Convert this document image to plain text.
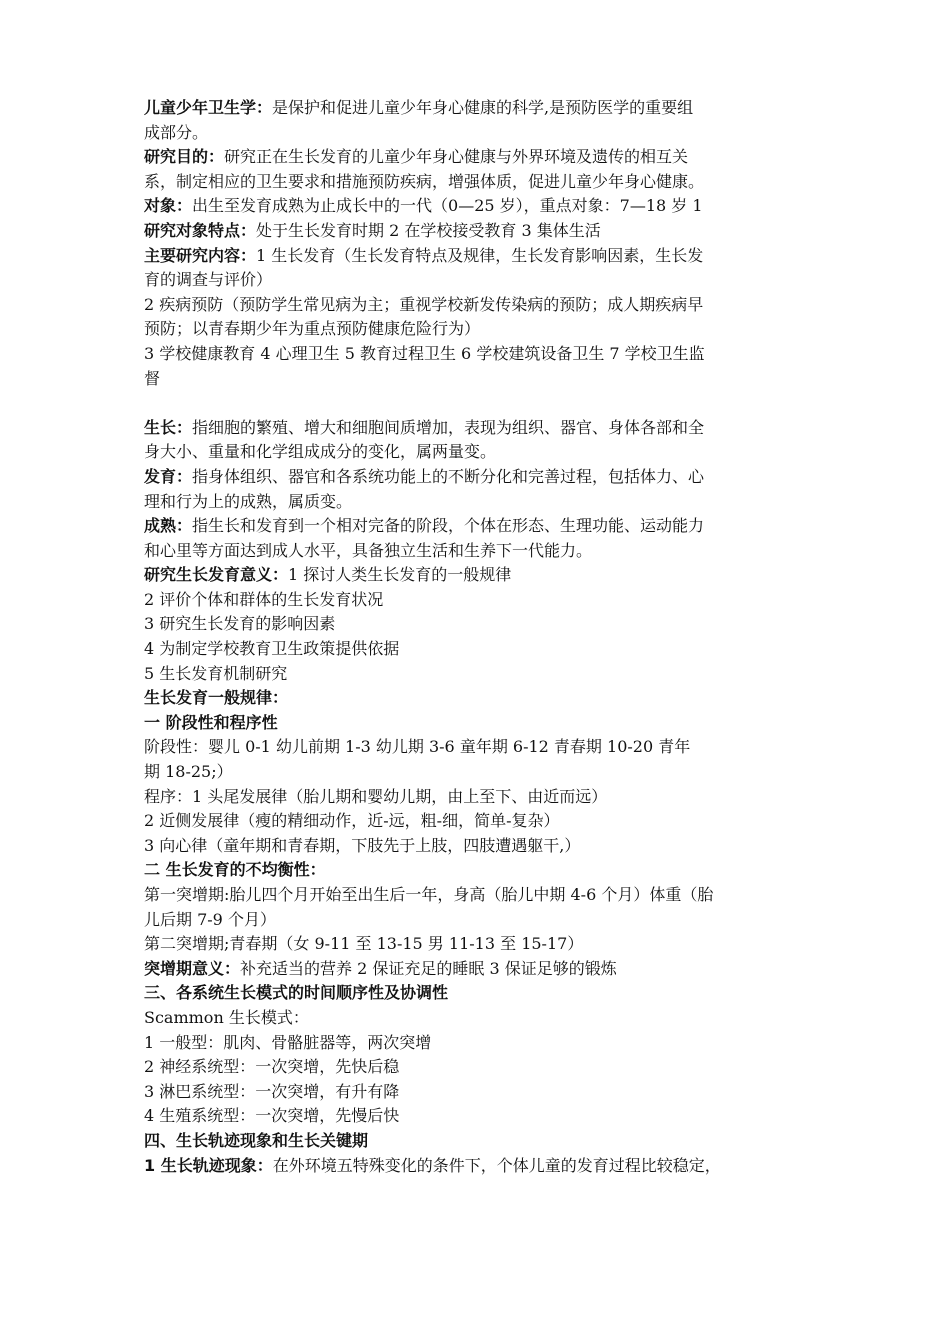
儿童少年卫生学：是保护和促进儿童少年身心健康的科学,是预防医学的重要组
成部分。
研究目的：研究正在生长发育的儿童少年身心健康与外界环境及遗传的相互关
系，制定相应的卫生要求和措施预防疾病，增强体质，促进儿童少年身心健康。
对象：出生至发育成熟为止成长中的一代（0—25 岁），重点对象：7—18 岁 1
研究对象特点：处于生长发育时期 2 在学校接受教育 3 集体生活
主要研究内容：1 生长发育（生长发育特点及规律，生长发育影响因素，生长发
育的调查与评价）
2 疾病预防（预防学生常见病为主；重视学校新发传染病的预防；成人期疾病早
预防；以青春期少年为重点预防健康危险行为）
3 学校健康教育 4 心理卫生 5 教育过程卫生 6 学校建筑设备卫生 7 学校卫生监
督
生长：指细胞的繁殖、增大和细胞间质增加，表现为组织、器官、身体各部和全
身大小、重量和化学组成成分的变化，属两量变。
发育：指身体组织、器官和各系统功能上的不断分化和完善过程，包括体力、心
理和行为上的成熟，属质变。
成熟：指生长和发育到一个相对完备的阶段，个体在形态、生理功能、运动能力
和心里等方面达到成人水平，具备独立生活和生养下一代能力。
研究生长发育意义：1 探讨人类生长发育的一般规律
2 评价个体和群体的生长发育状况
3 研究生长发育的影响因素
4 为制定学校教育卫生政策提供依据
5 生长发育机制研究
生长发育一般规律：
一 阶段性和程序性
阶段性：婴儿 0-1 幼儿前期 1-3 幼儿期 3-6 童年期 6-12 青春期 10-20 青年
期 18-25;）
程序：1 头尾发展律（胎儿期和婴幼儿期，由上至下、由近而远）
2 近侧发展律（瘦的精细动作，近-远，粗-细，简单-复杂）
3 向心律（童年期和青春期，下肢先于上肢，四肢遭遇躯干,）
二 生长发育的不均衡性：
第一突增期:胎儿四个月开始至出生后一年，身高（胎儿中期 4-6 个月）体重（胎
儿后期 7-9 个月）
第二突增期;青春期（女 9-11 至 13-15 男 11-13 至 15-17）
突增期意义：补充适当的营养 2 保证充足的睡眠 3 保证足够的锻炼
三、各系统生长模式的时间顺序性及协调性
Scammon 生长模式：
1 一般型：肌肉、骨骼脏器等，两次突增
2 神经系统型：一次突增，先快后稳
3 淋巴系统型：一次突增，有升有降
4 生殖系统型：一次突增，先慢后快
四、生长轨迹现象和生长关键期
1 生长轨迹现象：在外环境五特殊变化的条件下，个体儿童的发育过程比较稳定，
